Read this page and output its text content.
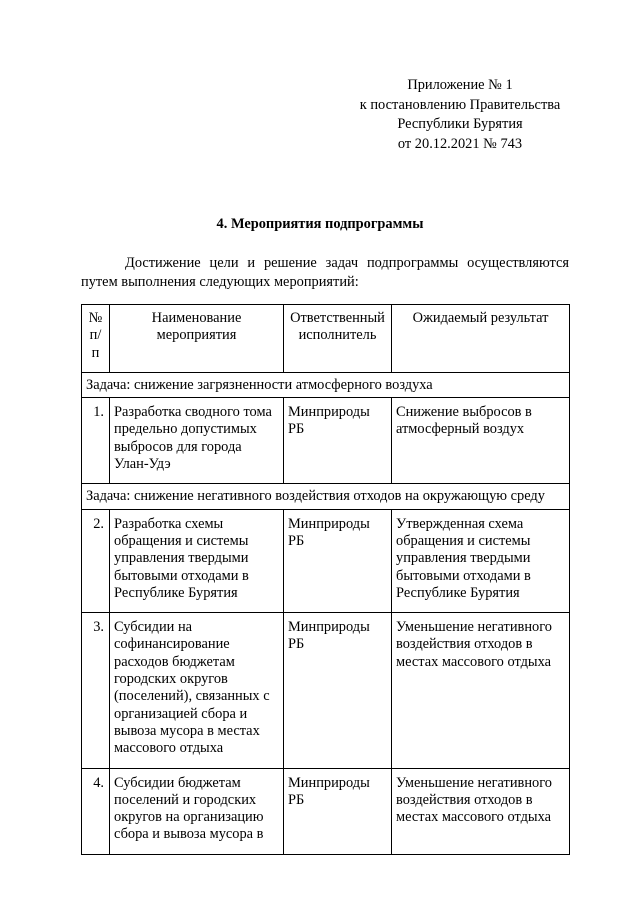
Приложение № 1
к постановлению Правительства
Республики Бурятия
от 20.12.2021 № 743
4. Мероприятия подпрограммы
Достижение цели и решение задач подпрограммы осуществляются
путем выполнения следующих мероприятий:
№ п/п	Наименование мероприятия	Ответственный исполнитель	Ожидаемый результат
Задача: снижение загрязненности атмосферного воздуха			
1.	Разработка сводного тома предельно допустимых выбросов для города Улан-Удэ	Минприроды РБ	Снижение выбросов в атмосферный воздух
Задача: снижение негативного воздействия отходов на окружающую среду			
2.	Разработка схемы обращения и системы управления твердыми бытовыми отходами в Республике Бурятия	Минприроды РБ	Утвержденная схема обращения и системы управления твердыми бытовыми отходами в Республике Бурятия
3.	Субсидии на софинансирование расходов бюджетам городских округов (поселений), связанных с организацией сбора и вывоза мусора в местах массового отдыха	Минприроды РБ	Уменьшение негативного воздействия отходов в местах массового отдыха
4.	Субсидии бюджетам поселений и городских округов на организацию сбора и вывоза мусора в	Минприроды РБ	Уменьшение негативного воздействия отходов в местах массового отдыха
